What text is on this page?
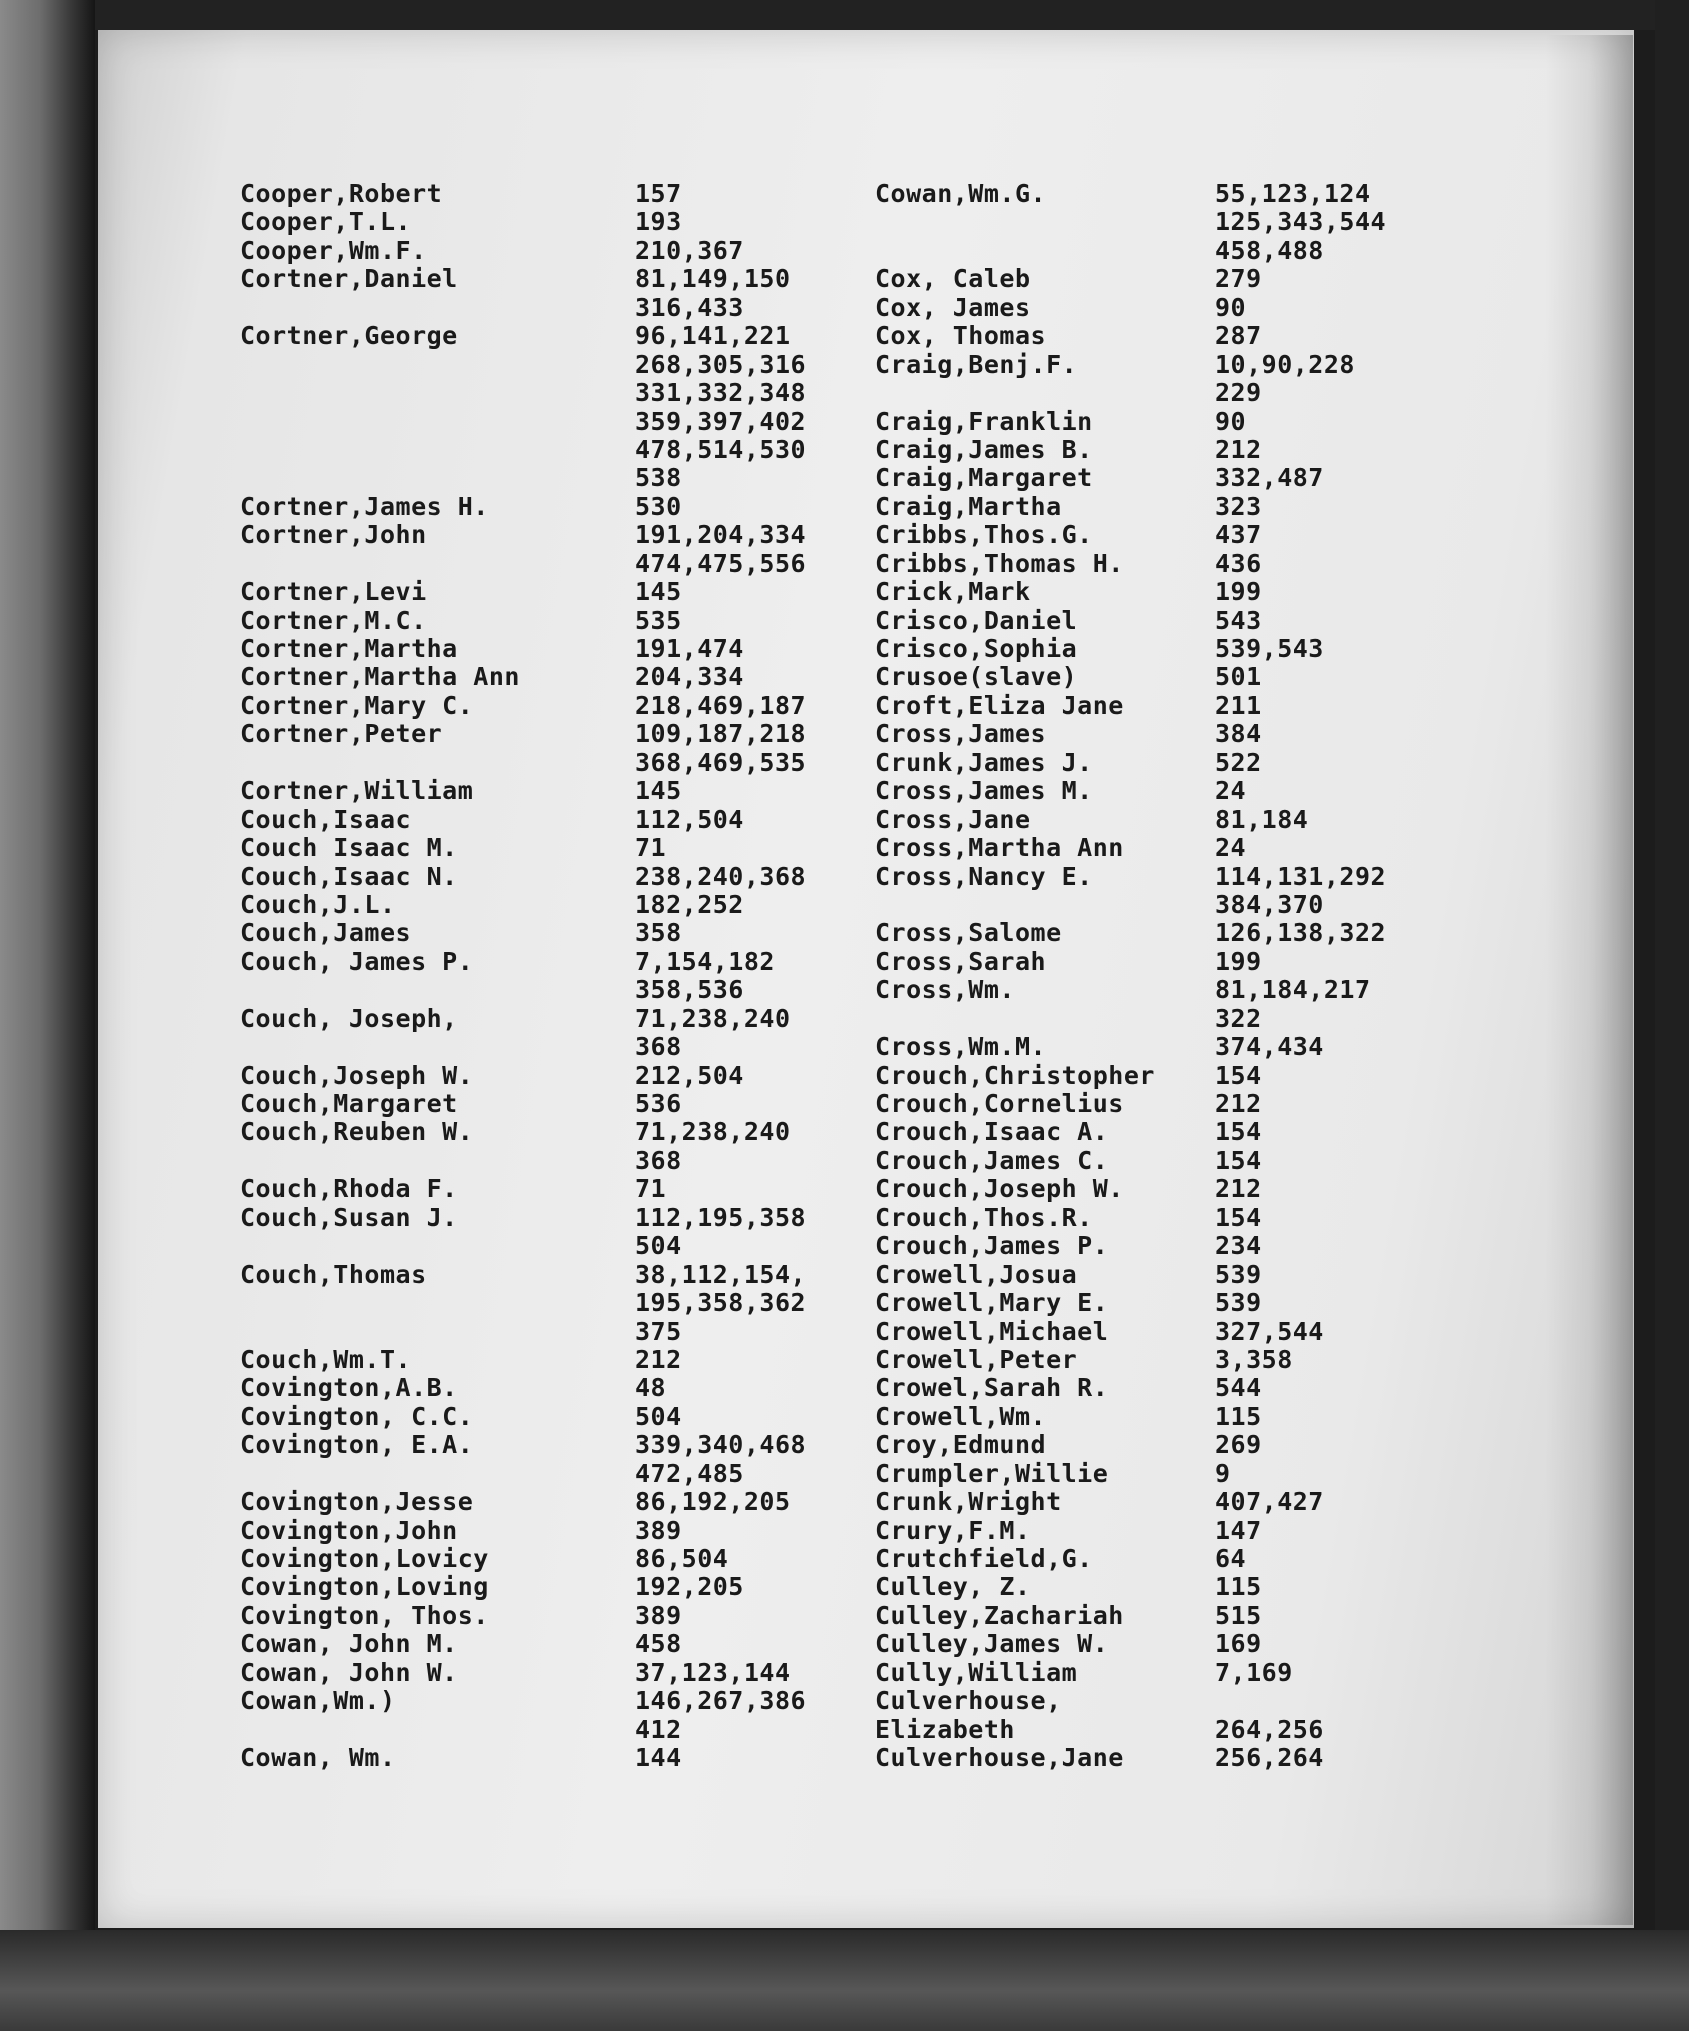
Cooper,Robert	157
Cooper,T.L.	193
Cooper,Wm.F.	210,367
Cortner,Daniel	81,149,150
316,433
Cortner,George	96,141,221
268,305,316
331,332,348
359,397,402
478,514,530
538
Cortner,James H.	530
Cortner,John	191,204,334
474,475,556
Cortner,Levi	145
Cortner,M.C.	535
Cortner,Martha	191,474
Cortner,Martha Ann	204,334
Cortner,Mary C.	218,469,187
Cortner,Peter	109,187,218
368,469,535
Cortner,William	145
Couch,Isaac	112,504
Couch Isaac M.	71
Couch,Isaac N.	238,240,368
Couch,J.L.	182,252
Couch,James	358
Couch, James P.	7,154,182
358,536
Couch, Joseph,	71,238,240
368
Couch,Joseph W.	212,504
Couch,Margaret	536
Couch,Reuben W.	71,238,240
368
Couch,Rhoda F.	71
Couch,Susan J.	112,195,358
504
Couch,Thomas	38,112,154,
195,358,362
375
Couch,Wm.T.	212
Covington,A.B.	48
Covington, C.C.	504
Covington, E.A.	339,340,468
472,485
Covington,Jesse	86,192,205
Covington,John	389
Covington,Lovicy	86,504
Covington,Loving	192,205
Covington, Thos.	389
Cowan, John M.	458
Cowan, John W.	37,123,144
Cowan,Wm.)	146,267,386
412
Cowan, Wm.	144
Cowan,Wm.G.	55,123,124
125,343,544
458,488
Cox, Caleb	279
Cox, James	90
Cox, Thomas	287
Craig,Benj.F.	10,90,228
229
Craig,Franklin	90
Craig,James B.	212
Craig,Margaret	332,487
Craig,Martha	323
Cribbs,Thos.G.	437
Cribbs,Thomas H.	436
Crick,Mark	199
Crisco,Daniel	543
Crisco,Sophia	539,543
Crusoe(slave)	501
Croft,Eliza Jane	211
Cross,James	384
Crunk,James J.	522
Cross,James M.	24
Cross,Jane	81,184
Cross,Martha Ann	24
Cross,Nancy E.	114,131,292
384,370
Cross,Salome	126,138,322
Cross,Sarah	199
Cross,Wm.	81,184,217
322
Cross,Wm.M.	374,434
Crouch,Christopher 154
Crouch,Cornelius	212
Crouch,Isaac A.	154
Crouch,James C.	154
Crouch,Joseph W.	212
Crouch,Thos.R.	154
Crouch,James P.	234
Crowell,Josua	539
Crowell,Mary E.	539
Crowell,Michael	327,544
Crowell,Peter	3,358
Crowel,Sarah R.	544
Crowell,Wm.	115
Croy,Edmund	269
Crumpler,Willie	9
Crunk,Wright	407,427
Crury,F.M.	147
Crutchfield,G.	64
Culley, Z.	115
Culley,Zachariah	515
Culley,James W.	169
Cully,William	7,169
Culverhouse,
Elizabeth	264,256
Culverhouse,Jane	256,264
